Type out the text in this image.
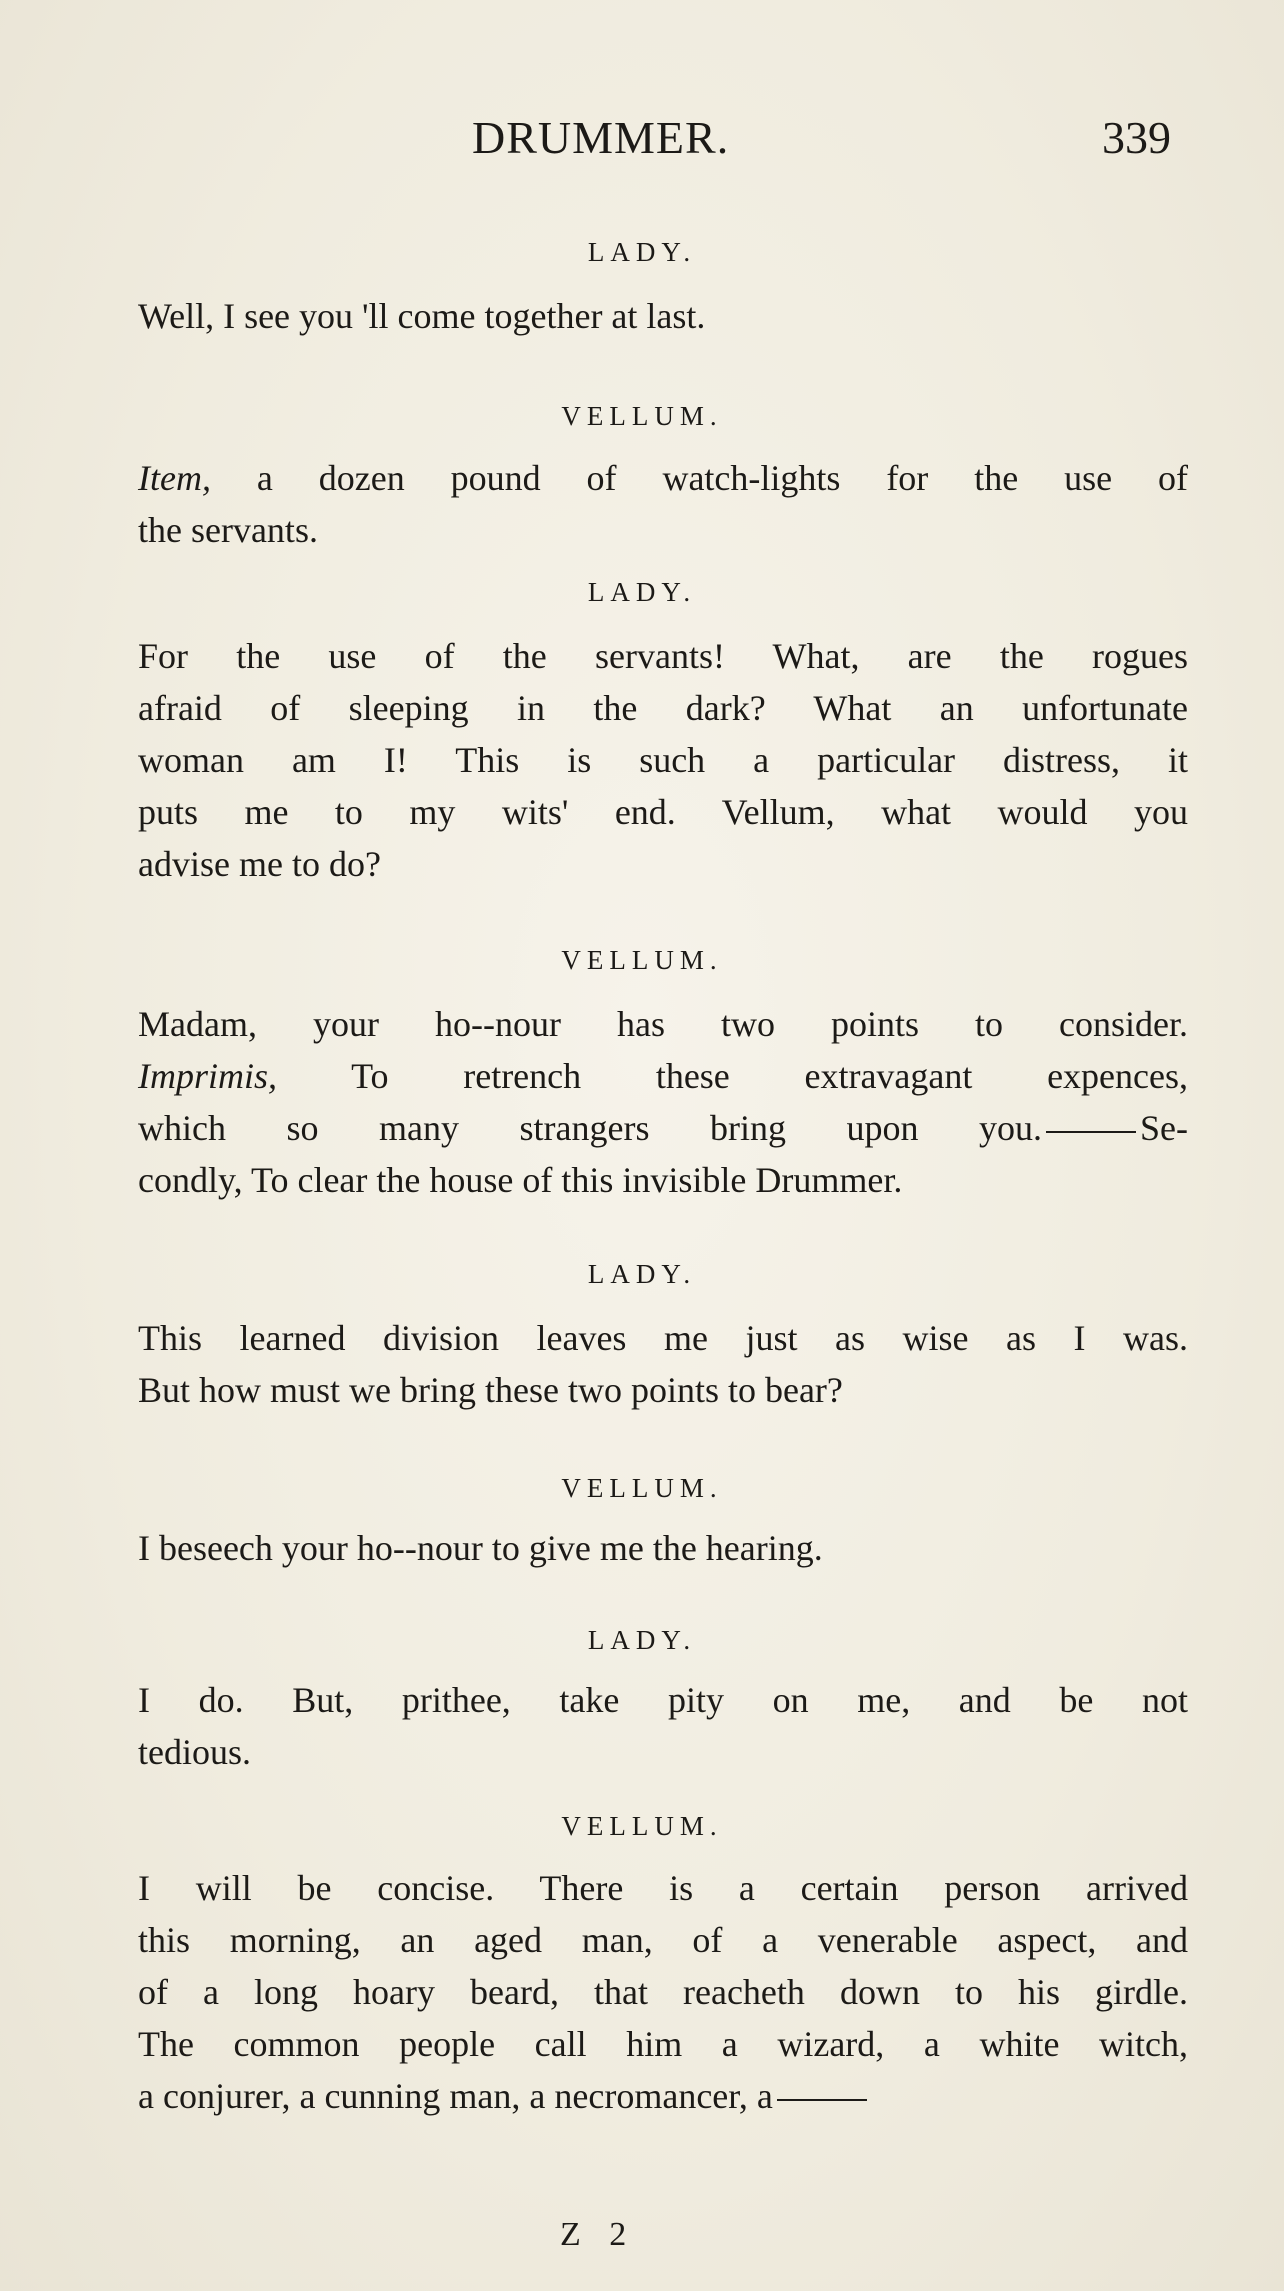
DRUMMER.	339
LADY.

Well, I see you 'll come together at last.

VELLUM.

Item, a dozen pound of watch-lights for the use of
the servants.

LADY.

For the use of the servants! What, are the rogues
afraid of sleeping in the dark? What an unfortunate
woman am I! This is such a particular distress, it
puts me to my wits' end. Vellum, what would you
advise me to do?

VELLUM.

Madam, your ho--nour has two points to consider.
Imprimis, To retrench these extravagant expences,
which so many strangers bring upon you.	Se-
condly, To clear the house of this invisible Drummer.

LADY.

This learned division leaves me just as wise as I was.
But how must we bring these two points to bear?

VELLUM.

I beseech your ho--nour to give me the hearing.

LADY.

I do. But, prithee, take pity on me, and be not
tedious.

VELLUM.

I will be concise. There is a certain person arrived
this morning, an aged man, of a venerable aspect, and
of a long hoary beard, that reacheth down to his girdle.
The common people call him a wizard, a white witch,
a conjurer, a cunning man, a necromancer, a

Z 2
